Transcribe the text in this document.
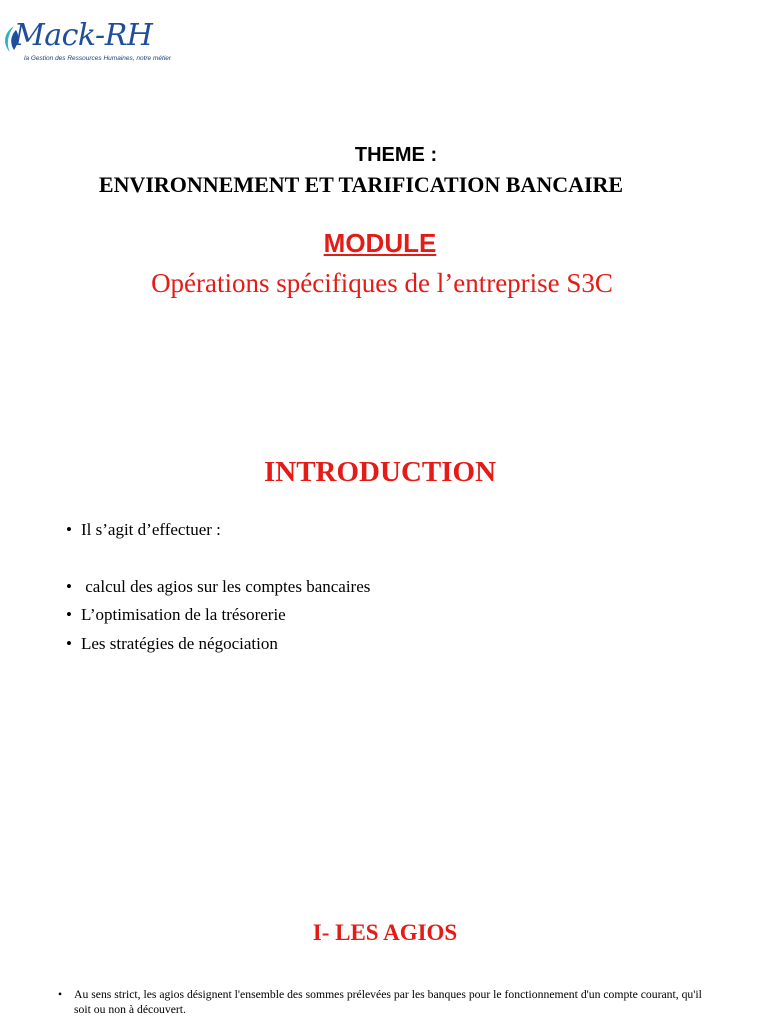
Mack-RH
la Gestion des Ressources Humaines, notre métier
THEME :
ENVIRONNEMENT ET TARIFICATION BANCAIRE
MODULE
Opérations spécifiques de l’entreprise S3C
INTRODUCTION
• Il s’agit d’effectuer :
• calcul des agios sur les comptes bancaires
• L’optimisation de la trésorerie
• Les stratégies de négociation
I- LES AGIOS
•	Au sens strict, les agios désignent l'ensemble des sommes prélevées par les banques pour le fonctionnement d'un compte courant, qu'il soit ou non à découvert.
